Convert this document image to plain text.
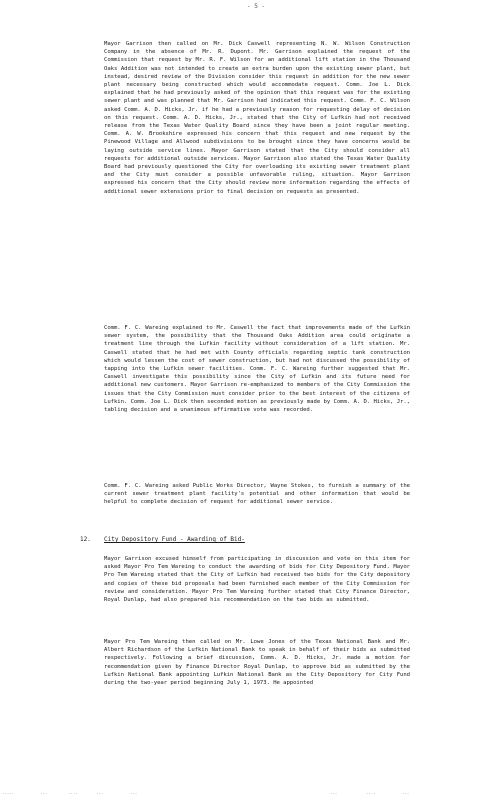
- 5 -

Mayor Garrison then called on Mr. Dick Caswell representing N. W. Wilson Construction Company in the absence of Mr. R. Dupont. Mr. Garrison explained the request of the Commission that request by Mr. R. F. Wilson for an additional lift station in the Thousand Oaks Addition was not intended to create an extra burden upon the existing sewer plant, but instead, desired review of the Division consider this request in addition for the new sewer plant necessary being constructed which would accommodate request. Comm. Joe L. Dick explained that he had previously asked of the opinion that this request was for the existing sewer plant and was planned that Mr. Garrison had indicated this request. Comm. F. C. Wilson asked Comm. A. D. Hicks, Jr. if he had a previously reason for requesting delay of decision on this request. Comm. A. D. Hicks, Jr., stated that the City of Lufkin had not received release from the Texas Water Quality Board since they have been a joint regular meeting. Comm. A. W. Brookshire expressed his concern that this request and new request by the Pinewood Village and Allwood subdivisions to be brought since they have concerns would be laying outside service lines. Mayor Garrison stated that the City should consider all requests for additional outside services. Mayor Garrison also stated the Texas Water Quality Board had previously questioned the City for overloading its existing sewer treatment plant and the City must consider a possible unfavorable ruling, situation. Mayor Garrison expressed his concern that the City should review more information regarding the effects of additional sewer extensions prior to final decision on requests as presented.

Comm. F. C. Wareing explained to Mr. Caswell the fact that improvements made of the Lufkin sewer system, the possibility that the Thousand Oaks Addition area could originate a treatment line through the Lufkin facility without consideration of a lift station. Mr. Caswell stated that he had met with County officials regarding septic tank construction which would lessen the cost of sewer construction, but had not discussed the possibility of tapping into the Lufkin sewer facilities. Comm. F. C. Wareing further suggested that Mr. Caswell investigate this possibility since the City of Lufkin and its future need for additional new customers. Mayor Garrison re-emphasized to members of the City Commission the issues that the City Commission must consider prior to the best interest of the citizens of Lufkin. Comm. Joe L. Dick then seconded motion as previously made by Comm. A. D. Hicks, Jr., tabling decision and a unanimous affirmative vote was recorded.

Comm. F. C. Wareing asked Public Works Director, Wayne Stokes, to furnish a summary of the current sewer treatment plant facility's potential and other information that would be helpful to complete decision of request for additional sewer service.

12. City Depository Fund - Awarding of Bid-

Mayor Garrison excused himself from participating in discussion and vote on this item for asked Mayor Pro Tem Wareing to conduct the awarding of bids for City Depository Fund. Mayor Pro Tem Wareing stated that the City of Lufkin had received two bids for the City depository and copies of these bid proposals had been furnished each member of the City Commission for review and consideration. Mayor Pro Tem Wareing further stated that City Finance Director, Royal Dunlap, had also prepared his recommendation on the two bids as submitted.

Mayor Pro Tem Wareing then called on Mr. Lowe Jones of the Texas National Bank and Mr. Albert Richardson of the Lufkin National Bank to speak in behalf of their bids as submitted respectively. Following a brief discussion, Comm. A. D. Hicks, Jr. made a motion for recommendation given by Finance Director Royal Dunlap, to approve bid as submitted by the Lufkin National Bank appointing Lufkin National Bank as the City Depository for City Fund during the two-year period beginning July 1, 1973. He appointed

.....	...	....	...	...	...	....	...
